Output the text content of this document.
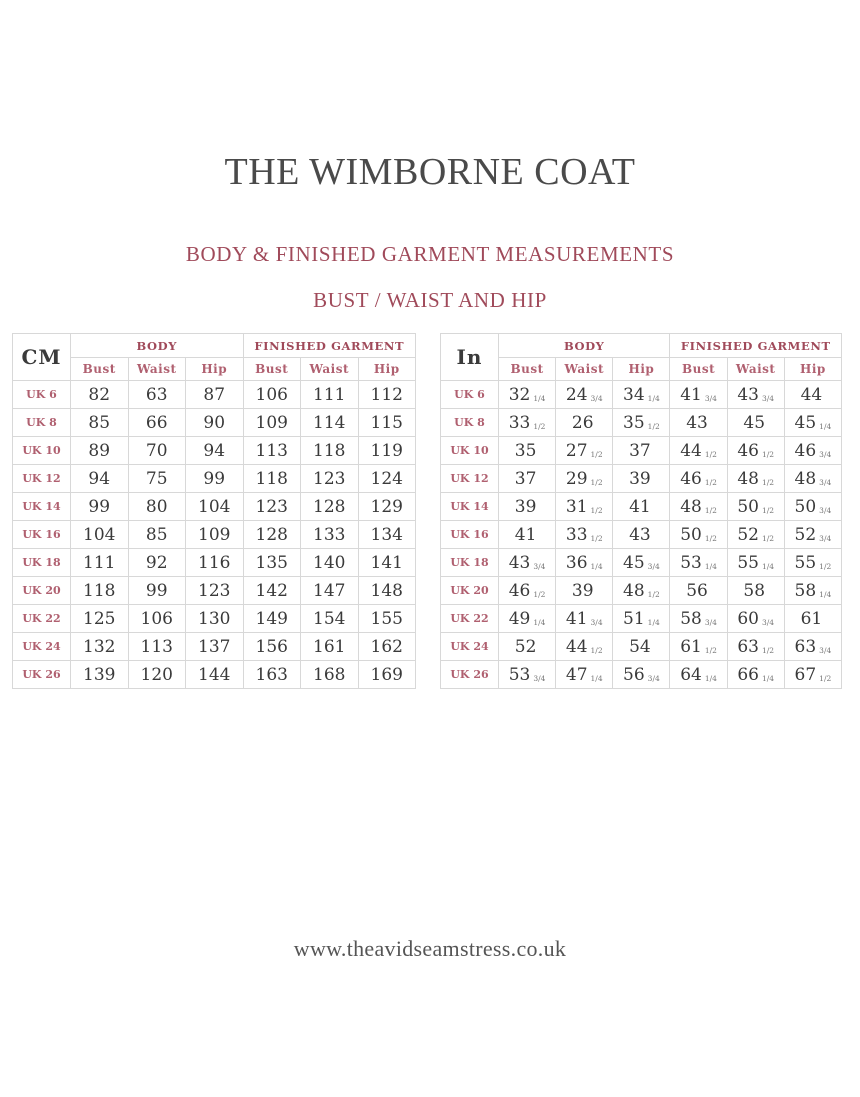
THE WIMBORNE COAT
BODY & FINISHED GARMENT MEASUREMENTS
BUST / WAIST AND HIP
CM	BODY			FINISHED GARMENT		
	Bust	Waist	Hip	Bust	Waist	Hip
UK 6	82	63	87	106	111	112
UK 8	85	66	90	109	114	115
UK 10	89	70	94	113	118	119
UK 12	94	75	99	118	123	124
UK 14	99	80	104	123	128	129
UK 16	104	85	109	128	133	134
UK 18	111	92	116	135	140	141
UK 20	118	99	123	142	147	148
UK 22	125	106	130	149	154	155
UK 24	132	113	137	156	161	162
UK 26	139	120	144	163	168	169
In	BODY			FINISHED GARMENT		
	Bust	Waist	Hip	Bust	Waist	Hip
UK 6	32 1/4	24 3/4	34 1/4	41 3/4	43 3/4	44
UK 8	33 1/2	26	35 1/2	43	45	45 1/4
UK 10	35	27 1/2	37	44 1/2	46 1/2	46 3/4
UK 12	37	29 1/2	39	46 1/2	48 1/2	48 3/4
UK 14	39	31 1/2	41	48 1/2	50 1/2	50 3/4
UK 16	41	33 1/2	43	50 1/2	52 1/2	52 3/4
UK 18	43 3/4	36 1/4	45 3/4	53 1/4	55 1/4	55 1/2
UK 20	46 1/2	39	48 1/2	56	58	58 1/4
UK 22	49 1/4	41 3/4	51 1/4	58 3/4	60 3/4	61
UK 24	52	44 1/2	54	61 1/2	63 1/2	63 3/4
UK 26	53 3/4	47 1/4	56 3/4	64 1/4	66 1/4	67 1/2
www.theavidseamstress.co.uk
